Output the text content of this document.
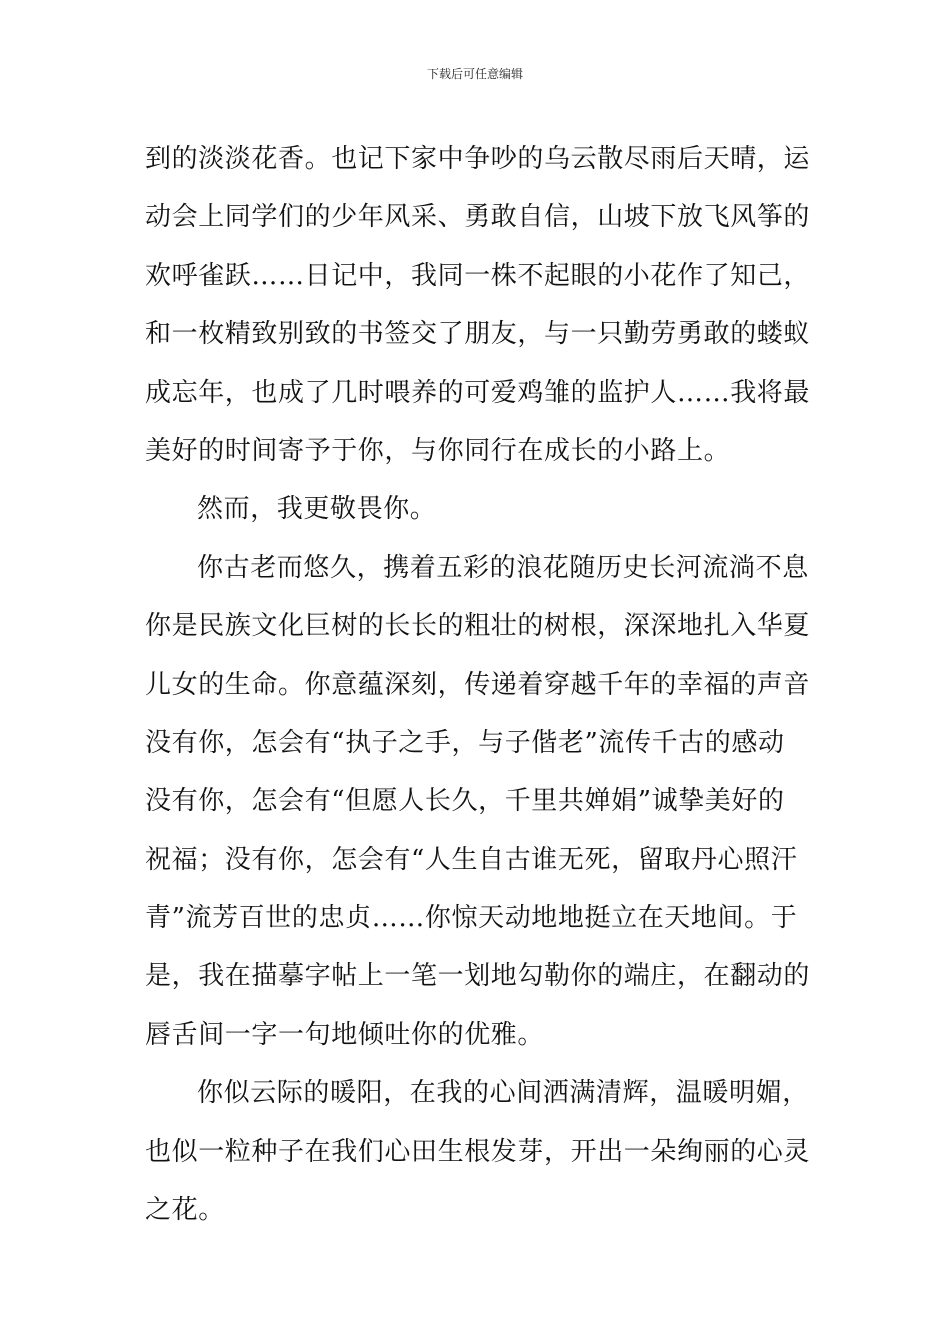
下载后可任意编辑
到的淡淡花香。也记下家中争吵的乌云散尽雨后天晴，运
动会上同学们的少年风采、勇敢自信，山坡下放飞风筝的
欢呼雀跃……日记中，我同一株不起眼的小花作了知己，
和一枚精致别致的书签交了朋友，与一只勤劳勇敢的蝼蚁
成忘年，也成了几时喂养的可爱鸡雏的监护人……我将最
美好的时间寄予于你，与你同行在成长的小路上。
然而，我更敬畏你。
你古老而悠久，携着五彩的浪花随历史长河流淌不息
你是民族文化巨树的长长的粗壮的树根，深深地扎入华夏
儿女的生命。你意蕴深刻，传递着穿越千年的幸福的声音
没有你，怎会有“执子之手，与子偕老”流传千古的感动
没有你，怎会有“但愿人长久，千里共婵娟”诚挚美好的
祝福；没有你，怎会有“人生自古谁无死，留取丹心照汗
青”流芳百世的忠贞……你惊天动地地挺立在天地间。于
是，我在描摹字帖上一笔一划地勾勒你的端庄，在翻动的
唇舌间一字一句地倾吐你的优雅。
你似云际的暖阳，在我的心间洒满清辉，温暖明媚，
也似一粒种子在我们心田生根发芽，开出一朵绚丽的心灵
之花。
